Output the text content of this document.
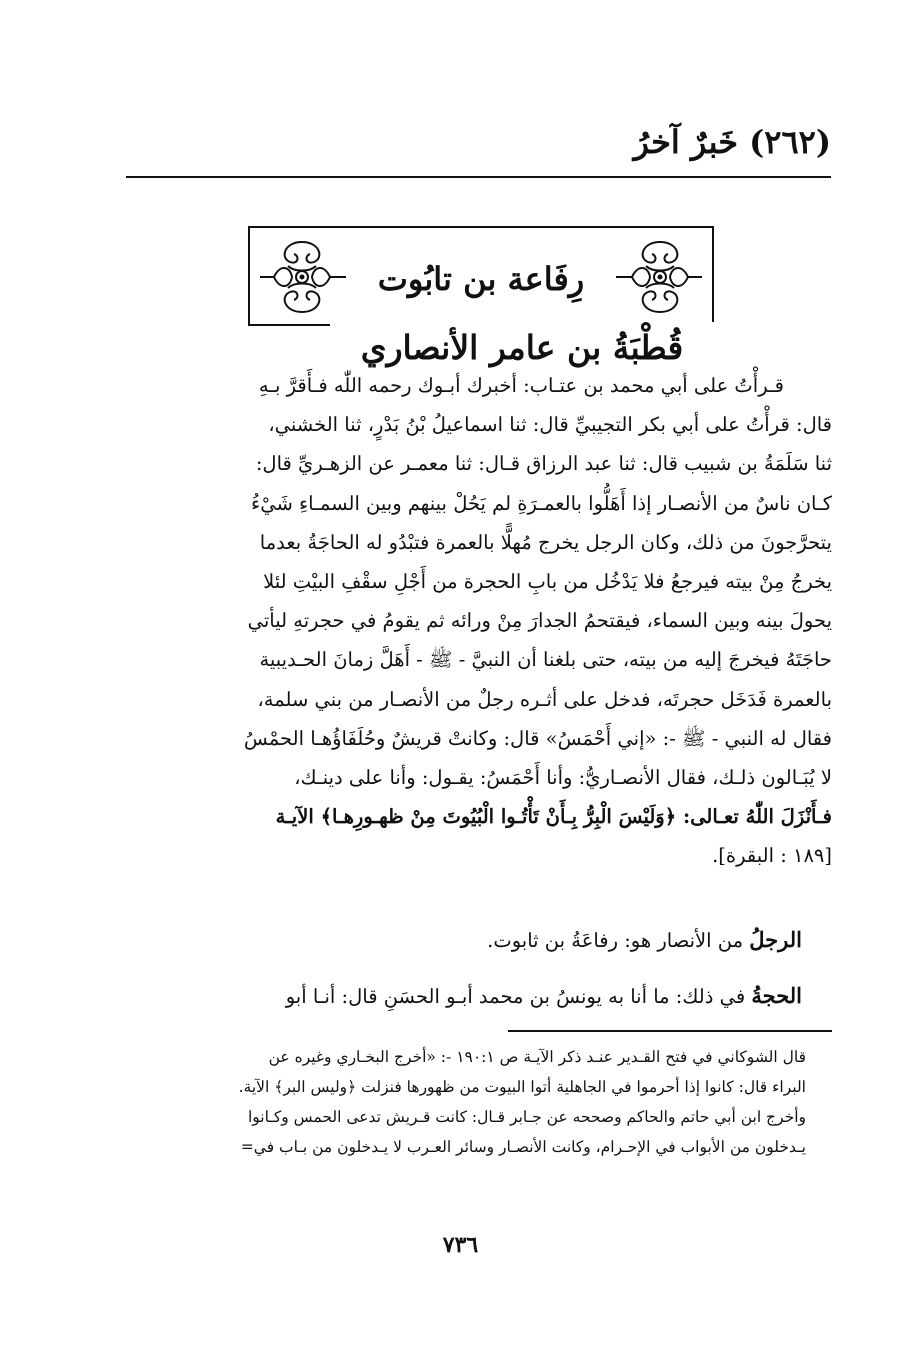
(٢٦٢) خَبرٌ آخرُ
رِفَاعة بن تابُوت
قُطْبَةُ بن عامر الأنصاري

قـرأْتُ على أبي محمد بن عتـاب: أخبرك أبـوك رحمه اللّٰه فـأَقرَّ بـهِ

قال: قرأْتُ على أبي بكر التجيبيِّ قال: ثنا اسماعيلُ بْنُ بَدْرٍ، ثنا الخشني،

ثنا سَلَمَةُ بن شبيب قال: ثنا عبد الرزاق قـال: ثنا معمـر عن الزهـريِّ قال:

كـان ناسٌ من الأنصـار إذا أَهَلُّوا بالعمـرَةِ لم يَحُلْ بينهم وبين السمـاءِ شَيْءُ

يتحرَّجونَ من ذلك، وكان الرجل يخرج مُهلًّا بالعمرة فتبْدُو له الحاجَةُ بعدما

يخرجُ مِنْ بيته فيرجعُ فلا يَدْخُل من بابِ الحجرة من أَجْلِ سقْفِ البيْتِ لئلا

يحولَ بينه وبين السماء، فيقتحمُ الجدارَ مِنْ ورائه ثم يقومُ في حجرتهِ ليأتي

حاجَتَهُ فيخرجَ إليه من بيته، حتى بلغنا أن النبيَّ - ﷺ - أَهَلَّ زمانَ الحـديبية

بالعمرة فَدَخَل حجرتَه، فدخل على أثـره رجلٌ من الأنصـار من بني سلمة،

فقال له النبي - ﷺ -: «إني أَحْمَسُ» قال: وكانتْ قريشٌ وحُلَفَاؤُهـا الحمْسُ

لا يُبَـالون ذلـك، فقال الأنصـاريُّ: وأنا أَحْمَسُ: يقـول: وأنا على دينـك،

فـأَنْزَلَ اللّٰهُ تعـالى: ﴿وَلَيْسَ الْبِرُّ بِـأَنْ تَأْتُـوا الْبُيُوتَ مِنْ ظهـورِهـا﴾ الآيـة

[١٨٩ : البقرة].

الرجلُ من الأنصار هو: رفاعَةُ بن ثابوت.
الحجةُ في ذلك: ما أنا به يونسُ بن محمد أبـو الحسَنِ قال: أنـا أبو

قال الشوكاني في فتح القـدير عنـد ذكر الآيـة ص ١٩٠:١ -: «أخرج البخـاري وغيره عن

البراء قال: كانوا إذا أحرموا في الجاهلية أتوا البيوت من ظهورها فنزلت ﴿وليس البر﴾ الآية.

وأخرج ابن أبي حاتم والحاكم وصححه عن جـابر قـال: كانت قـريش تدعى الحمس وكـانوا

يـدخلون من الأبواب في الإحـرام، وكانت الأنصـار وسائر العـرب لا يـدخلون من بـاب في=

٧٣٦
